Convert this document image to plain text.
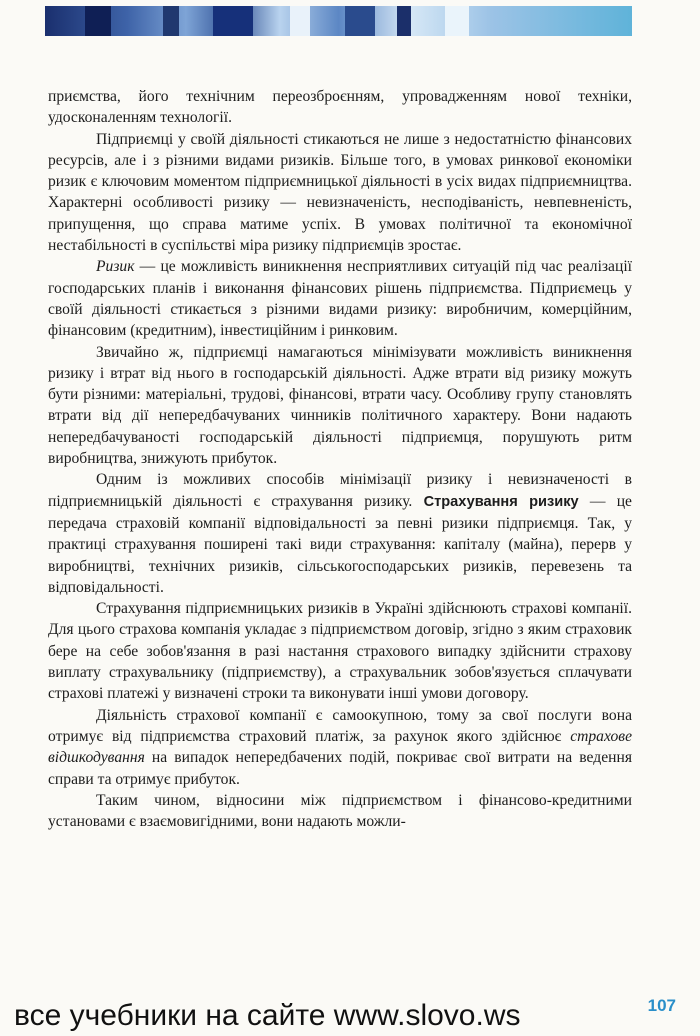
приємства, його технічним переозброєнням, упровадженням нової техніки, удосконаленням технології.

Підприємці у своїй діяльності стикаються не лише з недостатністю фінансових ресурсів, але і з різними видами ризиків. Більше того, в умовах ринкової економіки ризик є ключовим моментом підприємницької діяльності в усіх видах підприємництва. Характерні особливості ризику — невизначеність, несподіваність, невпевненість, припущення, що справа матиме успіх. В умовах політичної та економічної нестабільності в суспільстві міра ризику підприємців зростає.

Ризик — це можливість виникнення несприятливих ситуацій під час реалізації господарських планів і виконання фінансових рішень підприємства. Підприємець у своїй діяльності стикається з різними видами ризику: виробничим, комерційним, фінансовим (кредитним), інвестиційним і ринковим.

Звичайно ж, підприємці намагаються мінімізувати можливість виникнення ризику і втрат від нього в господарській діяльності. Адже втрати від ризику можуть бути різними: матеріальні, трудові, фінансові, втрати часу. Особливу групу становлять втрати від дії непередбачуваних чинників політичного характеру. Вони надають непередбачуваності господарській діяльності підприємця, порушують ритм виробництва, знижують прибуток.

Одним із можливих способів мінімізації ризику і невизначеності в підприємницькій діяльності є страхування ризику. Страхування ризику — це передача страховій компанії відповідальності за певні ризики підприємця. Так, у практиці страхування поширені такі види страхування: капіталу (майна), перерв у виробництві, технічних ризиків, сільськогосподарських ризиків, перевезень та відповідальності.

Страхування підприємницьких ризиків в Україні здійснюють страхові компанії. Для цього страхова компанія укладає з підприємством договір, згідно з яким страховик бере на себе зобов'язання в разі настання страхового випадку здійснити страхову виплату страхувальнику (підприємству), а страхувальник зобов'язується сплачувати страхові платежі у визначені строки та виконувати інші умови договору.

Діяльність страхової компанії є самоокупною, тому за свої послуги вона отримує від підприємства страховий платіж, за рахунок якого здійснює страхове відшкодування на випадок непередбачених подій, покриває свої витрати на ведення справи та отримує прибуток.

Таким чином, відносини між підприємством і фінансово-кредитними установами є взаємовигідними, вони надають можли-

107
все учебники на сайте www.slovo.ws
